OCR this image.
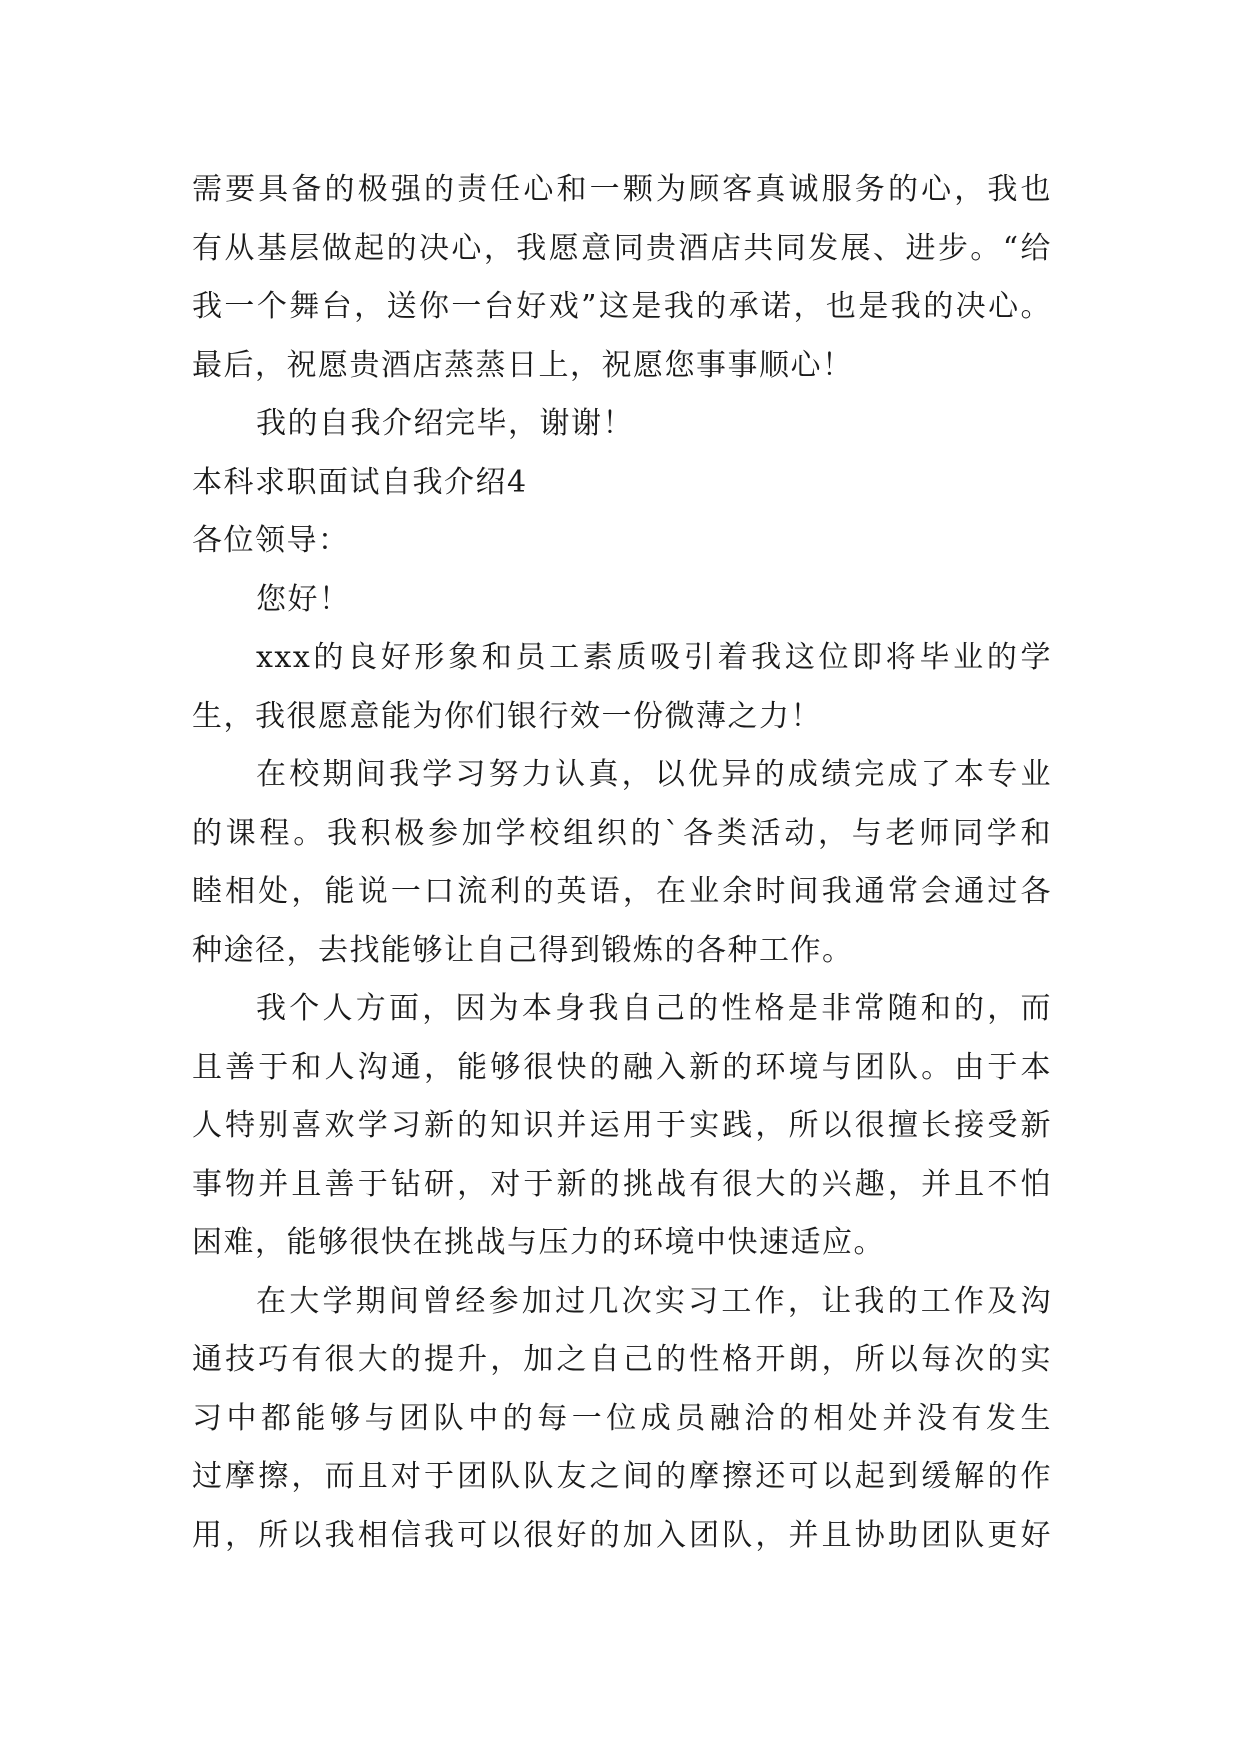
需要具备的极强的责任心和一颗为顾客真诚服务的心，我也
有从基层做起的决心，我愿意同贵酒店共同发展、进步。“给
我一个舞台，送你一台好戏”这是我的承诺，也是我的决心。
最后，祝愿贵酒店蒸蒸日上，祝愿您事事顺心！
我的自我介绍完毕，谢谢！
本科求职面试自我介绍4
各位领导：
您好！
xxx的良好形象和员工素质吸引着我这位即将毕业的学
生，我很愿意能为你们银行效一份微薄之力！
在校期间我学习努力认真，以优异的成绩完成了本专业
的课程。我积极参加学校组织的`各类活动，与老师同学和
睦相处，能说一口流利的英语，在业余时间我通常会通过各
种途径，去找能够让自己得到锻炼的各种工作。
我个人方面，因为本身我自己的性格是非常随和的，而
且善于和人沟通，能够很快的融入新的环境与团队。由于本
人特别喜欢学习新的知识并运用于实践，所以很擅长接受新
事物并且善于钻研，对于新的挑战有很大的兴趣，并且不怕
困难，能够很快在挑战与压力的环境中快速适应。
在大学期间曾经参加过几次实习工作，让我的工作及沟
通技巧有很大的提升，加之自己的性格开朗，所以每次的实
习中都能够与团队中的每一位成员融洽的相处并没有发生
过摩擦，而且对于团队队友之间的摩擦还可以起到缓解的作
用，所以我相信我可以很好的加入团队，并且协助团队更好
